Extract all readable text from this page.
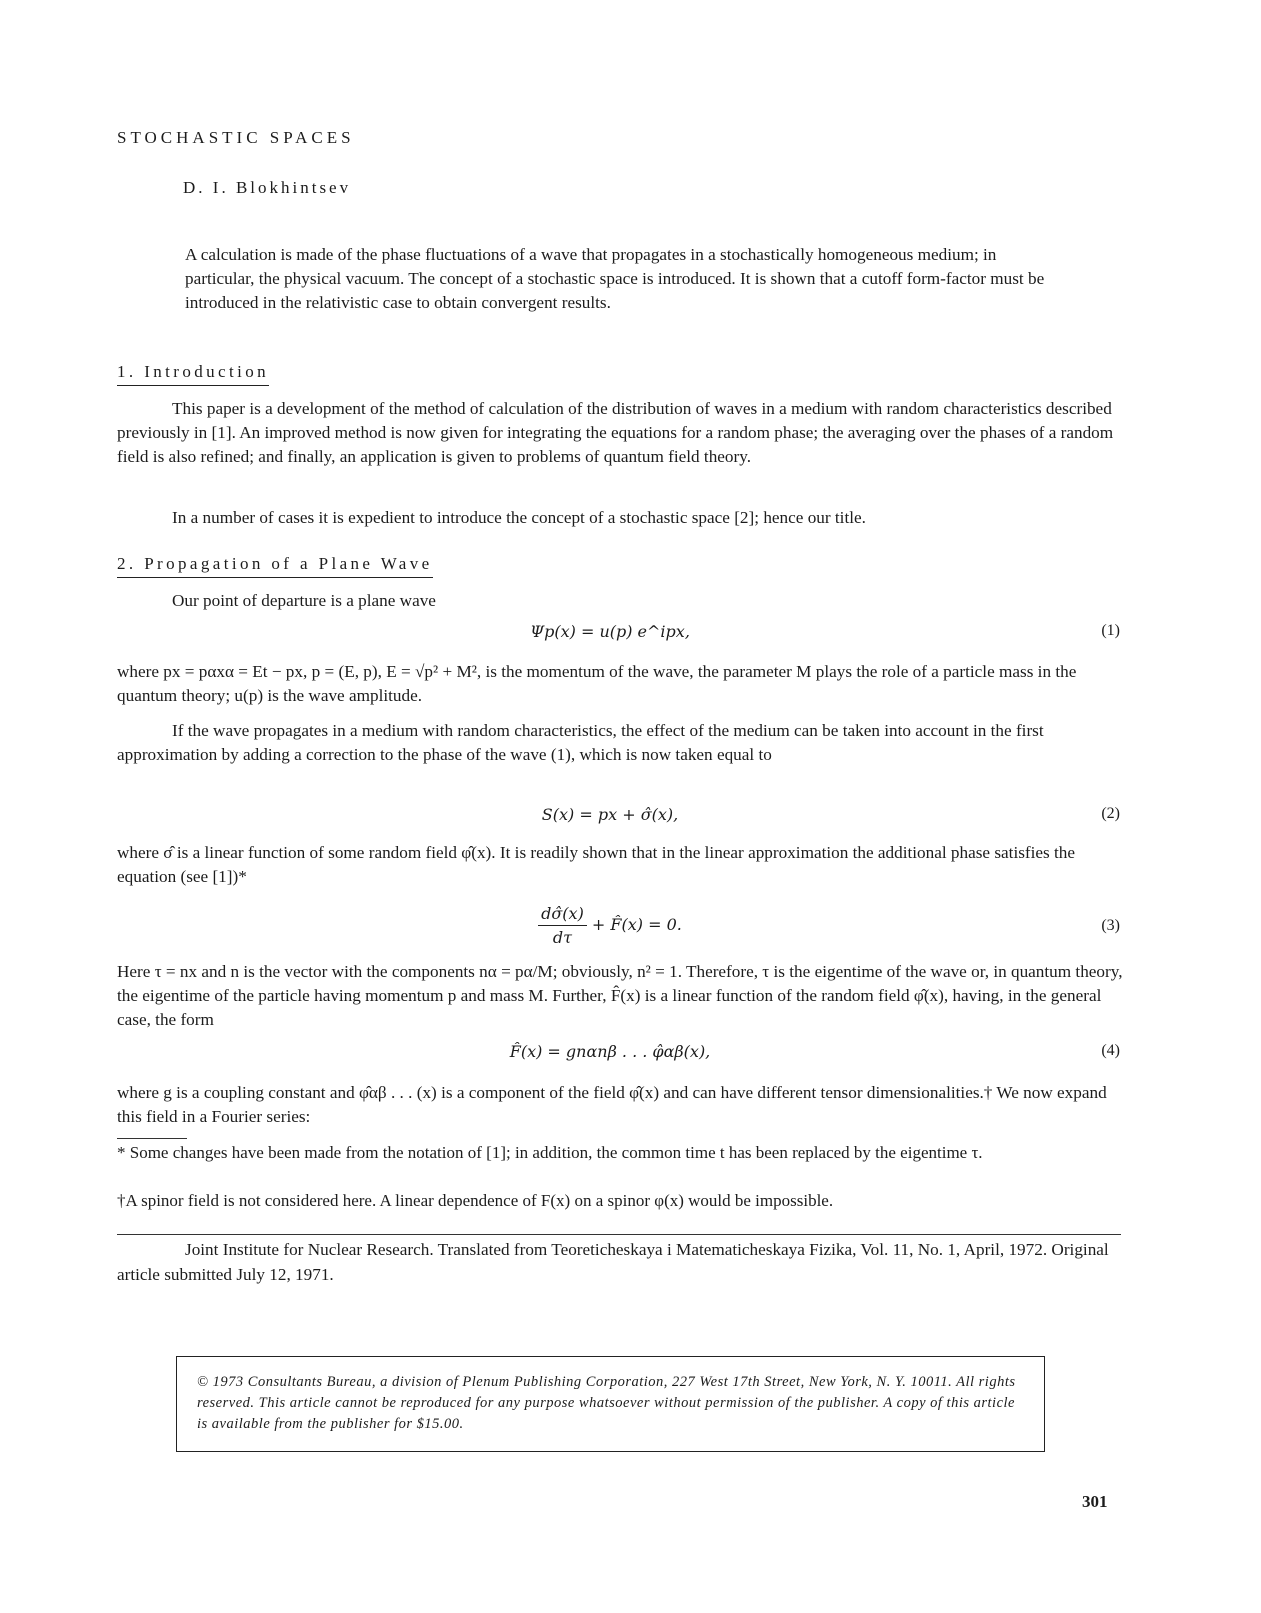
STOCHASTIC SPACES
D. I. Blokhintsev
A calculation is made of the phase fluctuations of a wave that propagates in a stochastically homogeneous medium; in particular, the physical vacuum. The concept of a stochastic space is introduced. It is shown that a cutoff form-factor must be introduced in the relativistic case to obtain convergent results.
1. Introduction

This paper is a development of the method of calculation of the distribution of waves in a medium with random characteristics described previously in [1]. An improved method is now given for integrating the equations for a random phase; the averaging over the phases of a random field is also refined; and finally, an application is given to problems of quantum field theory.

In a number of cases it is expedient to introduce the concept of a stochastic space [2]; hence our title.

2. Propagation of a Plane Wave

Our point of departure is a plane wave

Ψp(x) = u(p) e^ipx,	(1)

where px = pαxα = Et − px, p = (E, p), E = √p² + M², is the momentum of the wave, the parameter M plays the role of a particle mass in the quantum theory; u(p) is the wave amplitude.

If the wave propagates in a medium with random characteristics, the effect of the medium can be taken into account in the first approximation by adding a correction to the phase of the wave (1), which is now taken equal to

S(x) = px + σ̂(x),	(2)

where σ̂ is a linear function of some random field φ̂(x). It is readily shown that in the linear approximation the additional phase satisfies the equation (see [1])*

$\frac{d\sigmâ(x)}{d\tau}$ + F̂(x) = 0.	(3)

Here τ = nx and n is the vector with the components nα = pα/M; obviously, n² = 1. Therefore, τ is the eigentime of the wave or, in quantum theory, the eigentime of the particle having momentum p and mass M. Further, F̂(x) is a linear function of the random field φ̂(x), having, in the general case, the form

F̂(x) = gnαnβ . . . φ̂αβ(x),	(4)

where g is a coupling constant and φ̂αβ . . . (x) is a component of the field φ̂(x) and can have different tensor dimensionalities.† We now expand this field in a Fourier series:

* Some changes have been made from the notation of [1]; in addition, the common time t has been replaced by the eigentime τ.

†A spinor field is not considered here. A linear dependence of F(x) on a spinor φ(x) would be impossible.

Joint Institute for Nuclear Research. Translated from Teoreticheskaya i Matematicheskaya Fizika, Vol. 11, No. 1, April, 1972. Original article submitted July 12, 1971.

© 1973 Consultants Bureau, a division of Plenum Publishing Corporation, 227 West 17th Street, New York, N. Y. 10011. All rights reserved. This article cannot be reproduced for any purpose whatsoever without permission of the publisher. A copy of this article is available from the publisher for $15.00.
301
